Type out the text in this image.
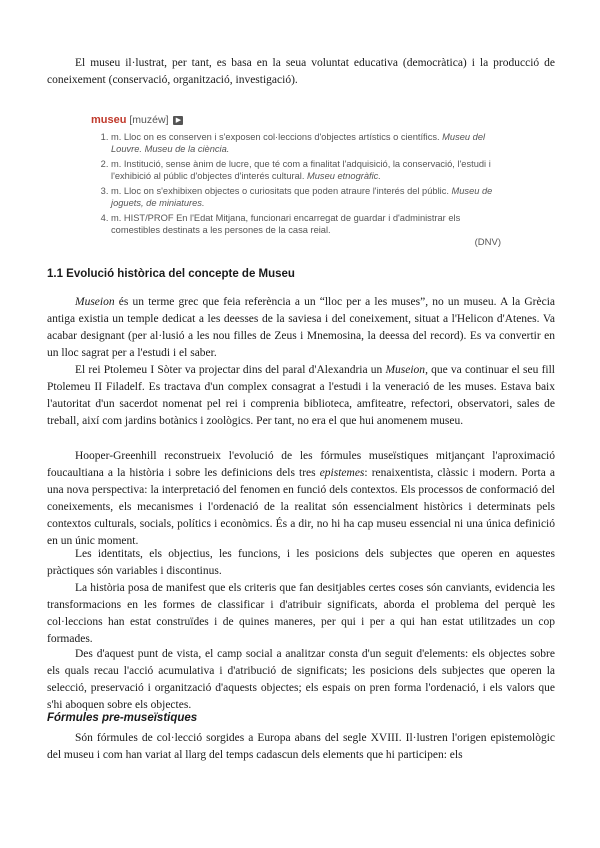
El museu il·lustrat, per tant, es basa en la seua voluntat educativa (democràtica) i la producció de coneixement (conservació, organització, investigació).

museu [muzéw] ▶
1. m. Lloc on es conserven i s'exposen col·leccions d'objectes artístics o científics. Museu del Louvre. Museu de la ciència.
2. m. Institució, sense ànim de lucre, que té com a finalitat l'adquisició, la conservació, l'estudi i l'exhibició al públic d'objectes d'interés cultural. Museu etnogràfic.
3. m. Lloc on s'exhibixen objectes o curiositats que poden atraure l'interés del públic. Museu de joguets, de miniatures.
4. m. HIST/PROF En l'Edat Mitjana, funcionari encarregat de guardar i d'administrar els comestibles destinats a les persones de la casa reial.
(DNV)
1.1 Evolució històrica del concepte de Museu

Museion és un terme grec que feia referència a un “lloc per a les muses”, no un museu. A la Grècia antiga existia un temple dedicat a les deesses de la saviesa i del coneixement, situat a l'Helicon d'Atenes. Va acabar designant (per al·lusió a les nou filles de Zeus i Mnemosina, la deessa del record). Es va convertir en un lloc sagrat per a l'estudi i el saber.

El rei Ptolemeu I Sòter va projectar dins del paral d'Alexandria un Museion, que va continuar el seu fill Ptolemeu II Filadelf. Es tractava d'un complex consagrat a l'estudi i la veneració de les muses. Estava baix l'autoritat d'un sacerdot nomenat pel rei i comprenia biblioteca, amfiteatre, refectori, observatori, sales de treball, així com jardins botànics i zoològics. Per tant, no era el que hui anomenem museu.

Hooper-Greenhill reconstrueix l'evolució de les fórmules museïstiques mitjançant l'aproximació foucaultiana a la història i sobre les definicions dels tres epistemes: renaixentista, clàssic i modern. Porta a una nova perspectiva: la interpretació del fenomen en funció dels contextos. Els processos de conformació del coneixements, els mecanismes i l'ordenació de la realitat són essencialment històrics i determinats pels contextos culturals, socials, polítics i econòmics. És a dir, no hi ha cap museu essencial ni una única definició en un únic moment.

Les identitats, els objectius, les funcions, i les posicions dels subjectes que operen en aquestes pràctiques són variables i discontinus.

La història posa de manifest que els criteris que fan desitjables certes coses són canviants, evidencia les transformacions en les formes de classificar i d'atribuir significats, aborda el problema del perquè les col·leccions han estat construïdes i de quines maneres, per qui i per a qui han estat utilitzades un cop formades.

Des d'aquest punt de vista, el camp social a analitzar consta d'un seguit d'elements: els objectes sobre els quals recau l'acció acumulativa i d'atribució de significats; les posicions dels subjectes que operen la selecció, preservació i organització d'aquests objectes; els espais on pren forma l'ordenació, i els valors que s'hi aboquen sobre els objectes.

Fórmules pre-museïstiques

Són fórmules de col·lecció sorgides a Europa abans del segle XVIII. Il·lustren l'origen epistemològic del museu i com han variat al llarg del temps cadascun dels elements que hi participen: els
